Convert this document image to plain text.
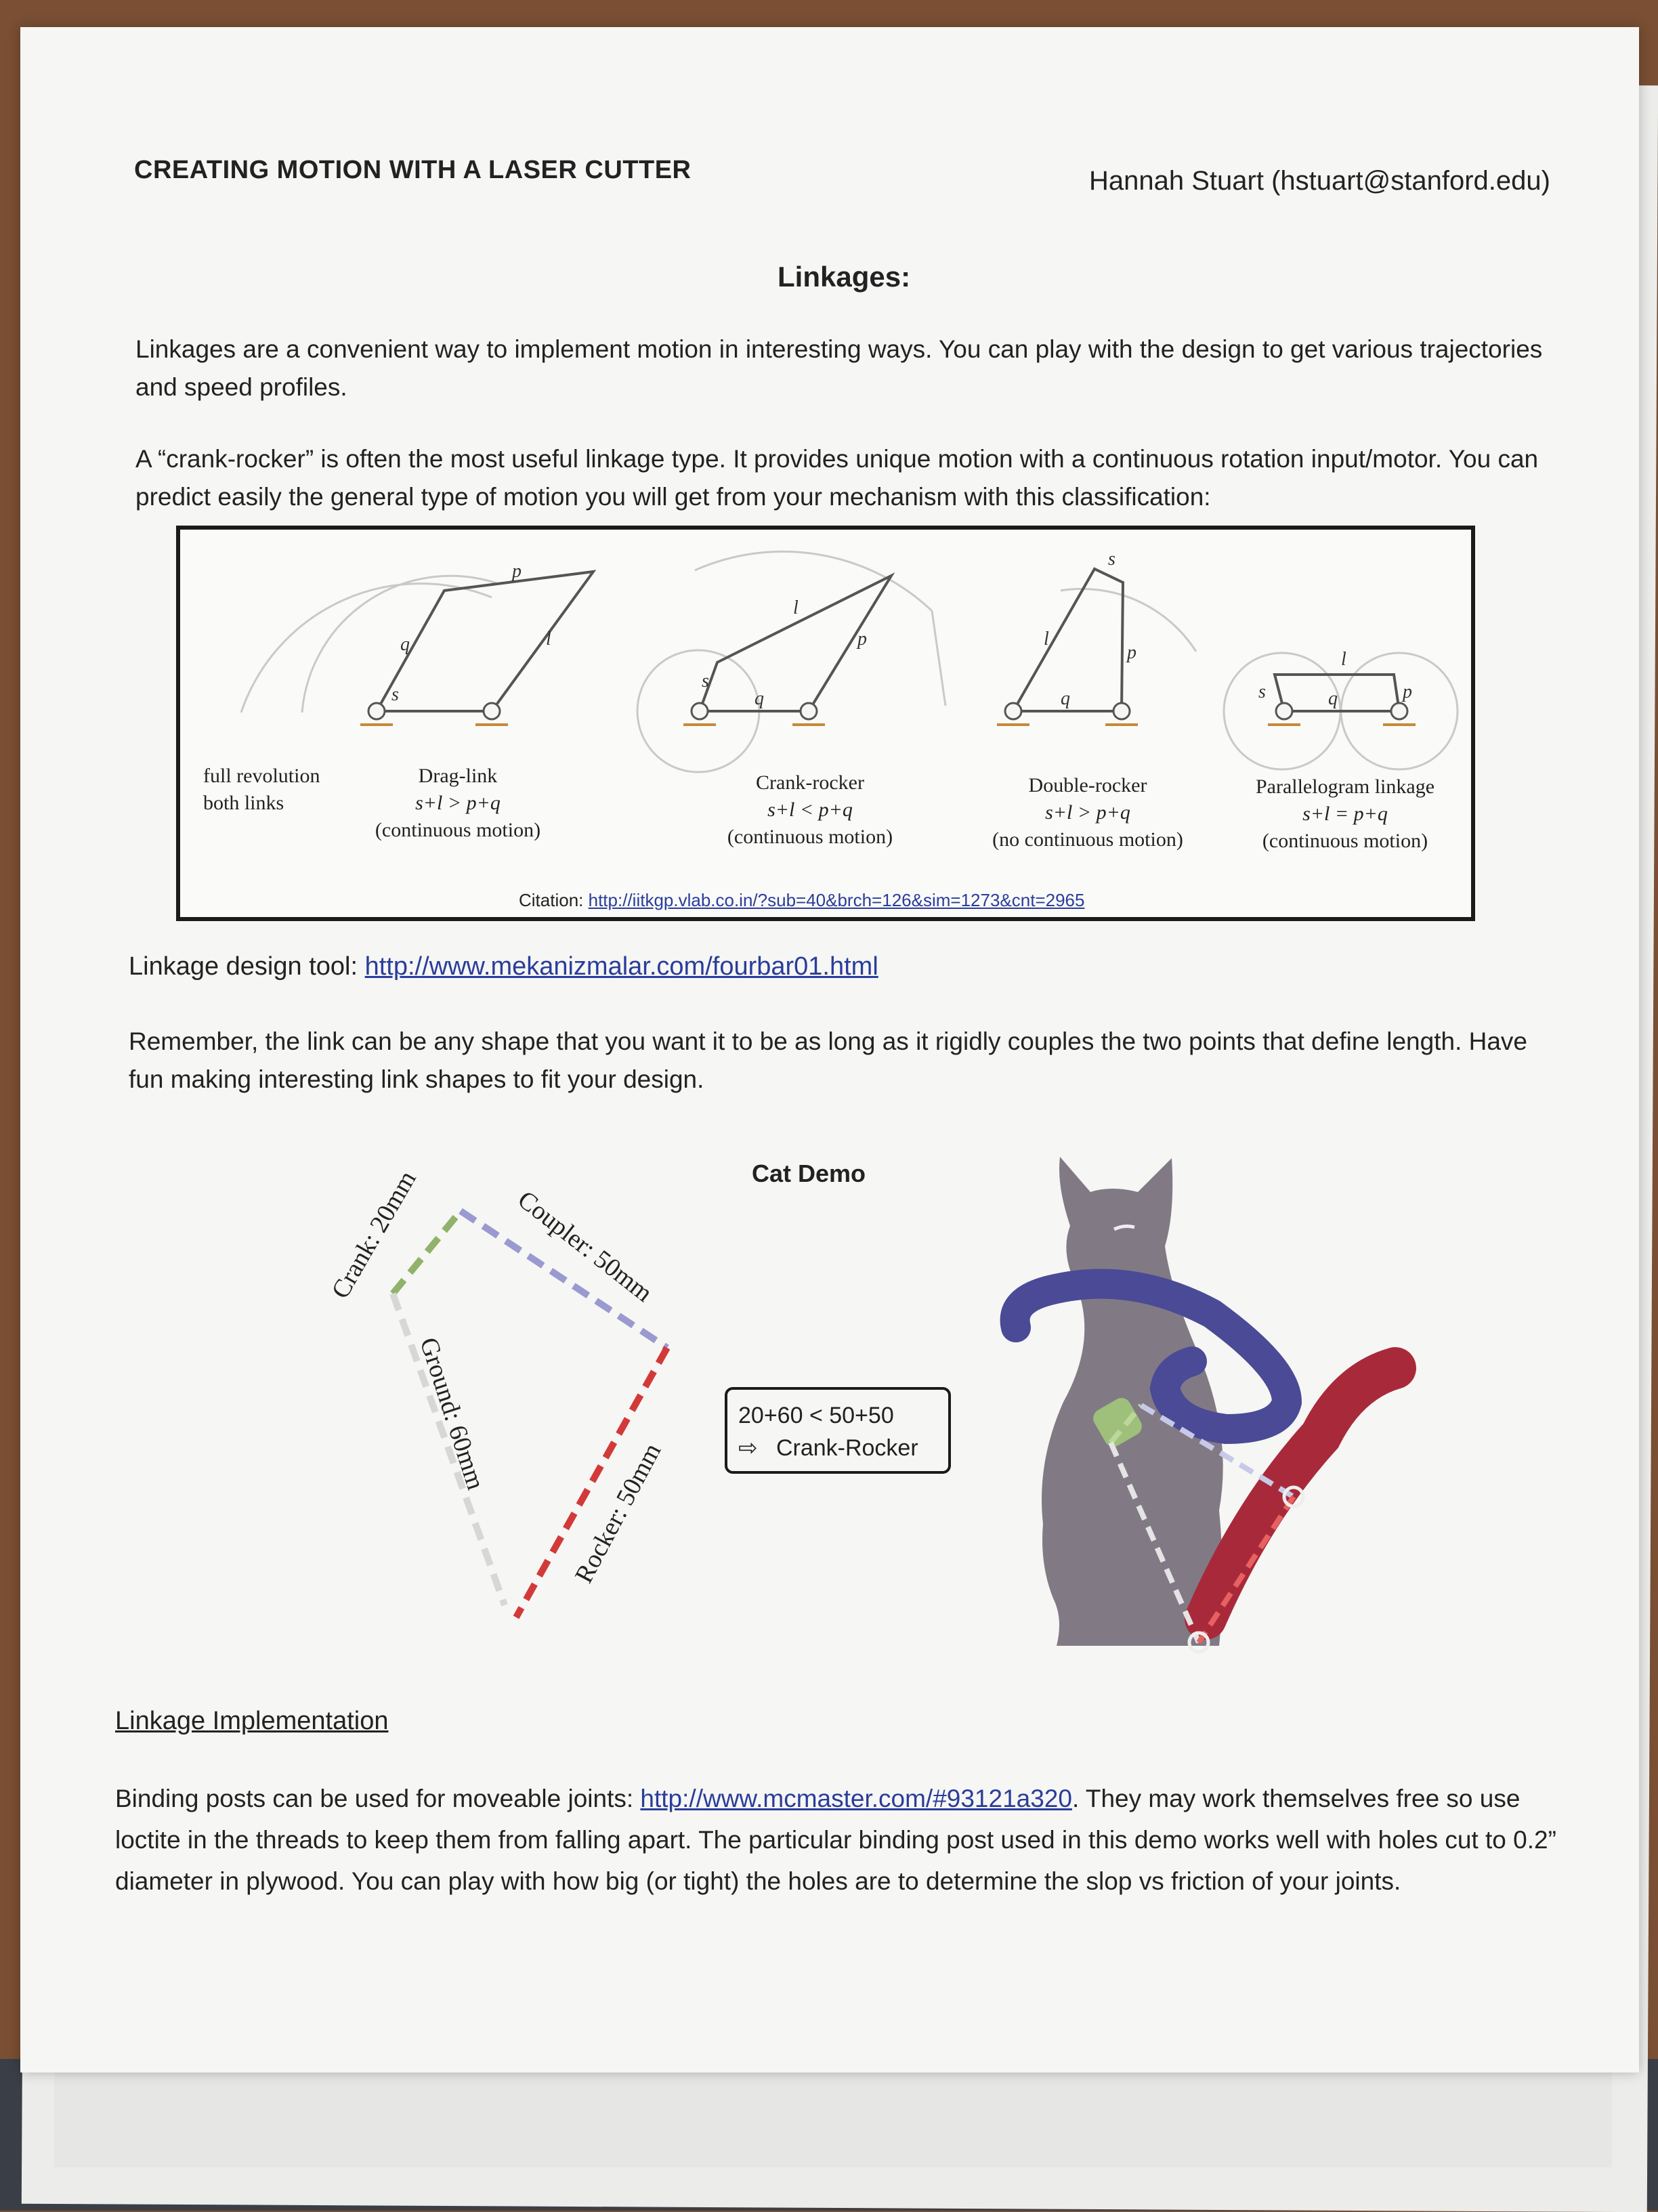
CREATING MOTION WITH A LASER CUTTER	Hannah Stuart (hstuart@stanford.edu)
Linkages:
Linkages are a convenient way to implement motion in interesting ways. You can play with the design to get various trajectories and speed profiles.
A “crank-rocker” is often the most useful linkage type. It provides unique motion with a continuous rotation input/motor. You can predict easily the general type of motion you will get from your mechanism with this classification:
s
q
p
l
s
q
l
p
s
l
q
p	l
s	q	p
full revolution
both links
Drag-link
s+l > p+q
(continuous motion)
Crank-rocker
s+l < p+q
(continuous motion)
Double-rocker
s+l > p+q
(no continuous motion)
Parallelogram linkage
s+l = p+q
(continuous motion)
Citation: http://iitkgp.vlab.co.in/?sub=40&brch=126&sim=1273&cnt=2965
Linkage design tool: http://www.mekanizmalar.com/fourbar01.html
Remember, the link can be any shape that you want it to be as long as it rigidly couples the two points that define length. Have fun making interesting link shapes to fit your design.
Cat Demo
Crank: 20mm	Coupler: 50mm
Ground: 60mm
Rocker: 50mm
20+60 < 50+50
⇨ Crank-Rocker
Linkage Implementation
Binding posts can be used for moveable joints: http://www.mcmaster.com/#93121a320. They may work themselves free so use loctite in the threads to keep them from falling apart. The particular binding post used in this demo works well with holes cut to 0.2” diameter in plywood. You can play with how big (or tight) the holes are to determine the slop vs friction of your joints.
